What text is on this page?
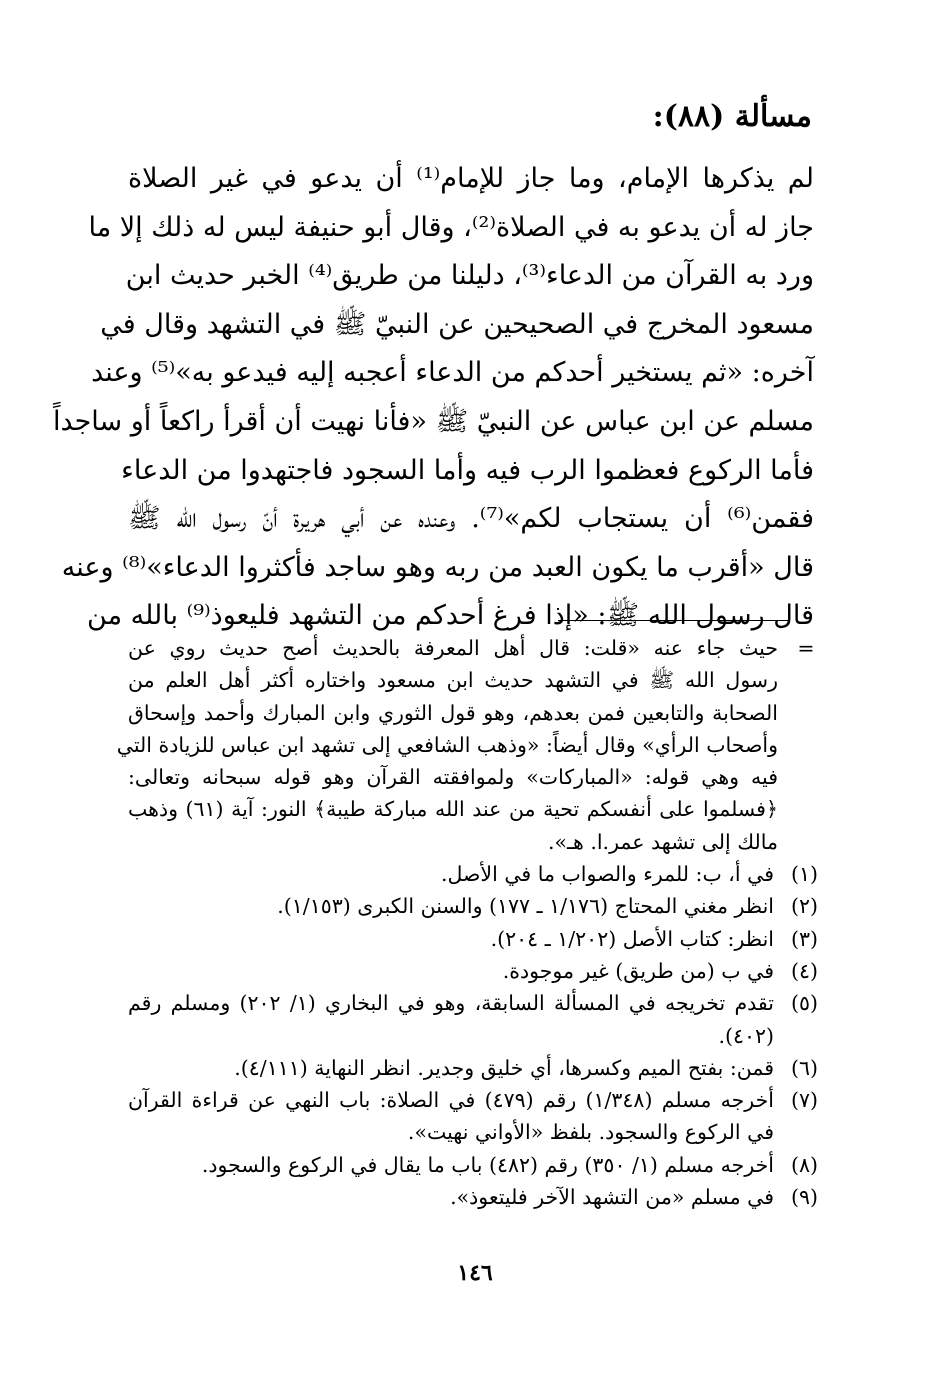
مسألة (٨٨):
لم يذكرها الإمام، وما جاز للإمام⁽¹⁾ أن يدعو في غير الصلاة
جاز له أن يدعو به في الصلاة⁽²⁾، وقال أبو حنيفة ليس له ذلك إلا ما
ورد به القرآن من الدعاء⁽³⁾، دليلنا من طريق⁽⁴⁾ الخبر حديث ابن
مسعود المخرج في الصحيحين عن النبيّ ﷺ في التشهد وقال في
آخره: «ثم يستخير أحدكم من الدعاء أعجبه إليه فيدعو به»⁽⁵⁾ وعند
مسلم عن ابن عباس عن النبيّ ﷺ «فأنا نهيت أن أقرأ راكعاً أو ساجداً
فأما الركوع فعظموا الرب فيه وأما السجود فاجتهدوا من الدعاء
فقمن⁽⁶⁾ أن يستجاب لكم»⁽⁷⁾. وعنده عن أبي هريرة أنّ رسول الله ﷺ
قال «أقرب ما يكون العبد من ربه وهو ساجد فأكثروا الدعاء»⁽⁸⁾ وعنه
قال رسول الله ﷺ: «إذا فرغ أحدكم من التشهد فليعوذ⁽⁹⁾ بالله من
=
حيث جاء عنه «قلت: قال أهل المعرفة بالحديث أصح حديث روي عن
رسول الله ﷺ في التشهد حديث ابن مسعود واختاره أكثر أهل العلم من
الصحابة والتابعين فمن بعدهم، وهو قول الثوري وابن المبارك وأحمد وإسحاق
وأصحاب الرأي» وقال أيضاً: «وذهب الشافعي إلى تشهد ابن عباس للزيادة التي
فيه وهي قوله: «المباركات» ولموافقته القرآن وهو قوله سبحانه وتعالى:
﴿فسلموا على أنفسكم تحية من عند الله مباركة طيبة﴾ النور: آية (٦١) وذهب
مالك إلى تشهد عمر.ا. هـ».
(١)
في أ، ب: للمرء والصواب ما في الأصل.
(٢)
انظر مغني المحتاج (١/١٧٦ ـ ١٧٧) والسنن الكبرى (١/١٥٣).
(٣)
انظر: كتاب الأصل (١/٢٠٢ ـ ٢٠٤).
(٤)
في ب (من طريق) غير موجودة.
(٥)
تقدم تخريجه في المسألة السابقة، وهو في البخاري (١/ ٢٠٢) ومسلم رقم
(٤٠٢).
(٦)
قمن: بفتح الميم وكسرها، أي خليق وجدير. انظر النهاية (٤/١١١).
(٧)
أخرجه مسلم (١/٣٤٨) رقم (٤٧٩) في الصلاة: باب النهي عن قراءة القرآن
في الركوع والسجود. بلفظ «الأواني نهيت».
(٨)
أخرجه مسلم (١/ ٣٥٠) رقم (٤٨٢) باب ما يقال في الركوع والسجود.
(٩)
في مسلم «من التشهد الآخر فليتعوذ».
١٤٦
